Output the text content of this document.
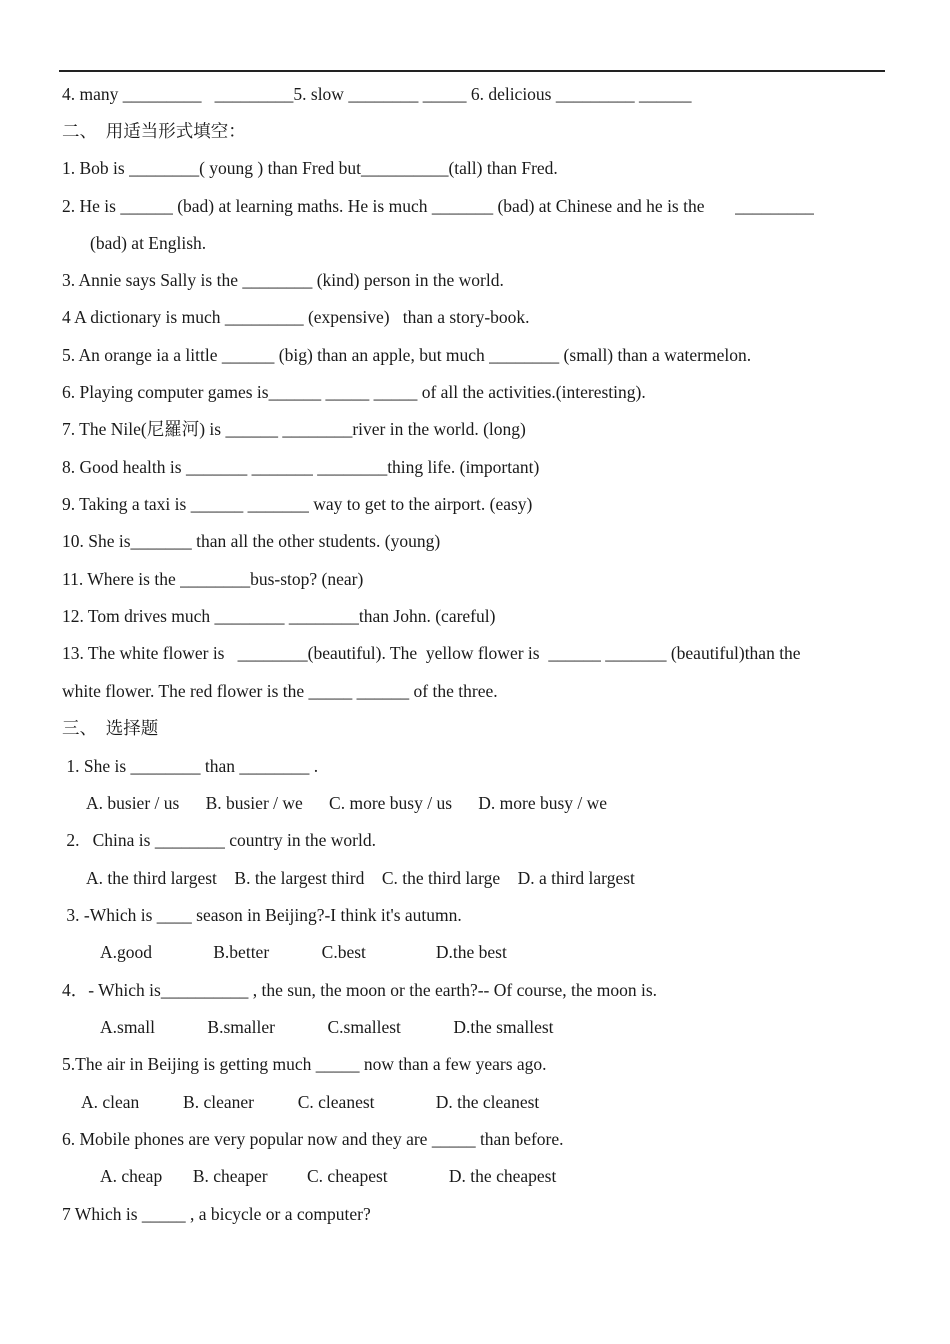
4. many _________   _________5. slow ________ _____ 6. delicious _________ ______
二、  用适当形式填空：
1. Bob is ________( young ) than Fred but__________(tall) than Fred.
2. He is ______ (bad) at learning maths. He is much _______ (bad) at Chinese and he is the       _________
(bad) at English.
3. Annie says Sally is the ________ (kind) person in the world.
4 A dictionary is much _________ (expensive)   than a story-book.
5. An orange ia a little ______ (big) than an apple, but much ________ (small) than a watermelon.
6. Playing computer games is______ _____ _____ of all the activities.(interesting).
7. The Nile(尼羅河) is ______ ________river in the world. (long)
8. Good health is _______ _______ ________thing life. (important)
9. Taking a taxi is ______ _______ way to get to the airport. (easy)
10. She is_______ than all the other students. (young)
11. Where is the ________bus-stop? (near)
12. Tom drives much ________ ________than John. (careful)
13. The white flower is   ________(beautiful). The  yellow flower is  ______ _______ (beautiful)than the
white flower. The red flower is the _____ ______ of the three.
三、  选择题
1. She is ________ than ________ .
A. busier / us      B. busier / we      C. more busy / us      D. more busy / we
2.   China is ________ country in the world.
A. the third largest    B. the largest third    C. the third large    D. a third largest
3. -Which is ____ season in Beijing?-I think it's autumn.
A.good              B.better            C.best                D.the best
4．- Which is__________ , the sun, the moon or the earth?-- Of course, the moon is.
A.small            B.smaller            C.smallest            D.the smallest
5.The air in Beijing is getting much _____ now than a few years ago.
A. clean          B. cleaner          C. cleanest              D. the cleanest
6. Mobile phones are very popular now and they are _____ than before.
A. cheap       B. cheaper         C. cheapest              D. the cheapest
7 Which is _____ , a bicycle or a computer?
